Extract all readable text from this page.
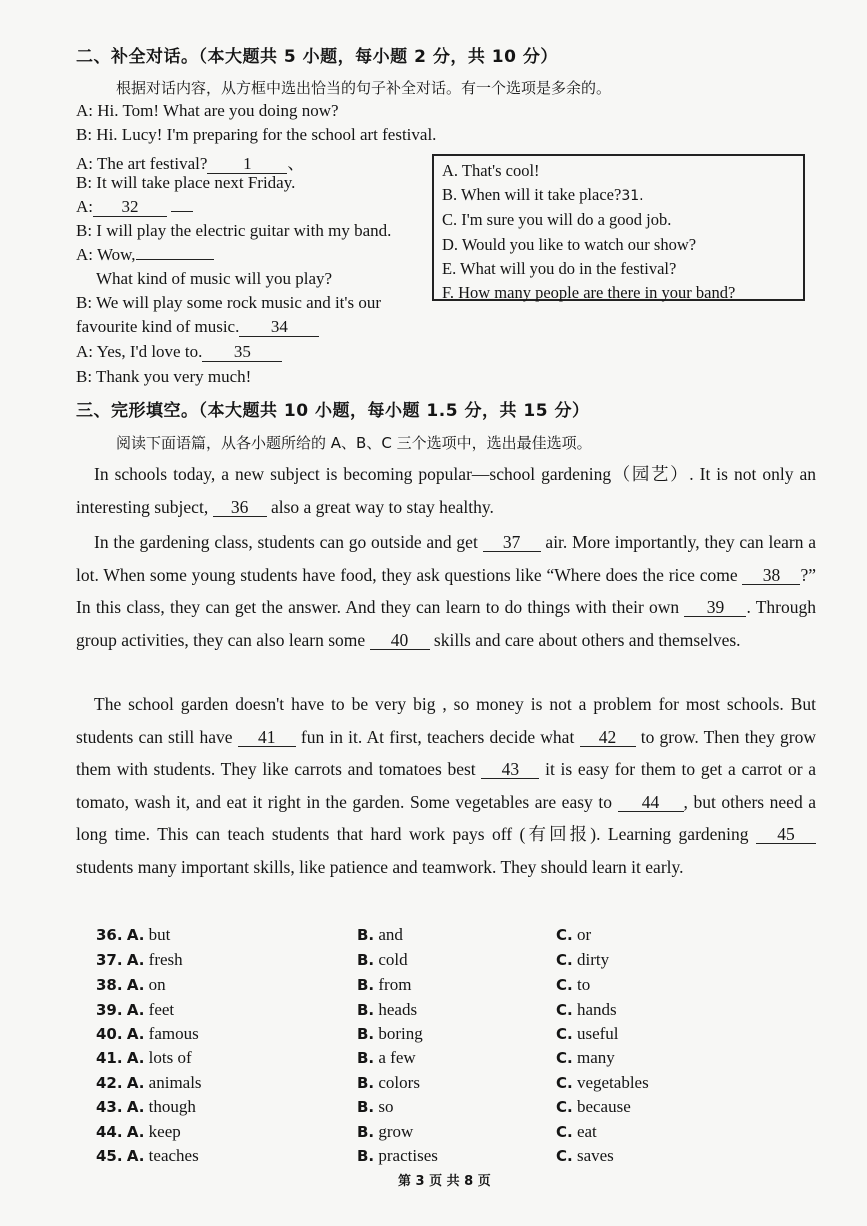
二、补全对话。（本大题共 5 小题，每小题 2 分，共 10 分）
根据对话内容，从方框中选出恰当的句子补全对话。有一个选项是多余的。
A: Hi. Tom! What are you doing now?
B: Hi. Lucy! I'm preparing for the school art festival.
A: The art festival? 1 、
B: It will take place next Friday.
A: 32
B: I will play the electric guitar with my band.
A: Wow,
What kind of music will you play?
B: We will play some rock music and it's our
favourite kind of music. 34
A: Yes, I'd love to. 35
B: Thank you very much!
A. That's cool!
B. When will it take place?31.
C. I'm sure you will do a good job.
D. Would you like to watch our show?
E. What will you do in the festival?
F. How many people are there in your band?
三、完形填空。（本大题共 10 小题，每小题 1.5 分，共 15 分）
阅读下面语篇，从各小题所给的 A、B、C 三个选项中，选出最佳选项。
In schools today, a new subject is becoming popular—school gardening（园艺）. It is not only an interesting subject, 36 also a great way to stay healthy.
In the gardening class, students can go outside and get 37 air. More importantly, they can learn a lot. When some young students have food, they ask questions like “Where does the rice come 38 ?” In this class, they can get the answer. And they can learn to do things with their own 39 . Through group activities, they can also learn some 40 skills and care about others and themselves.
The school garden doesn't have to be very big , so money is not a problem for most schools. But students can still have 41 fun in it. At first, teachers decide what 42 to grow. Then they grow them with students. They like carrots and tomatoes best 43 it is easy for them to get a carrot or a tomato, wash it, and eat it right in the garden. Some vegetables are easy to 44 , but others need a long time. This can teach students that hard work pays off (有回报). Learning gardening 45 students many important skills, like patience and teamwork. They should learn it early.
36. A. but
37. A. fresh
38. A. on
39. A. feet
40. A. famous
41. A. lots of
42. A. animals
43. A. though
44. A. keep
45. A. teaches
B. and
B. cold
B. from
B. heads
B. boring
B. a few
B. colors
B. so
B. grow
B. practises
C. or
C. dirty
C. to
C. hands
C. useful
C. many
C. vegetables
C. because
C. eat
C. saves
第 3 页 共 8 页
